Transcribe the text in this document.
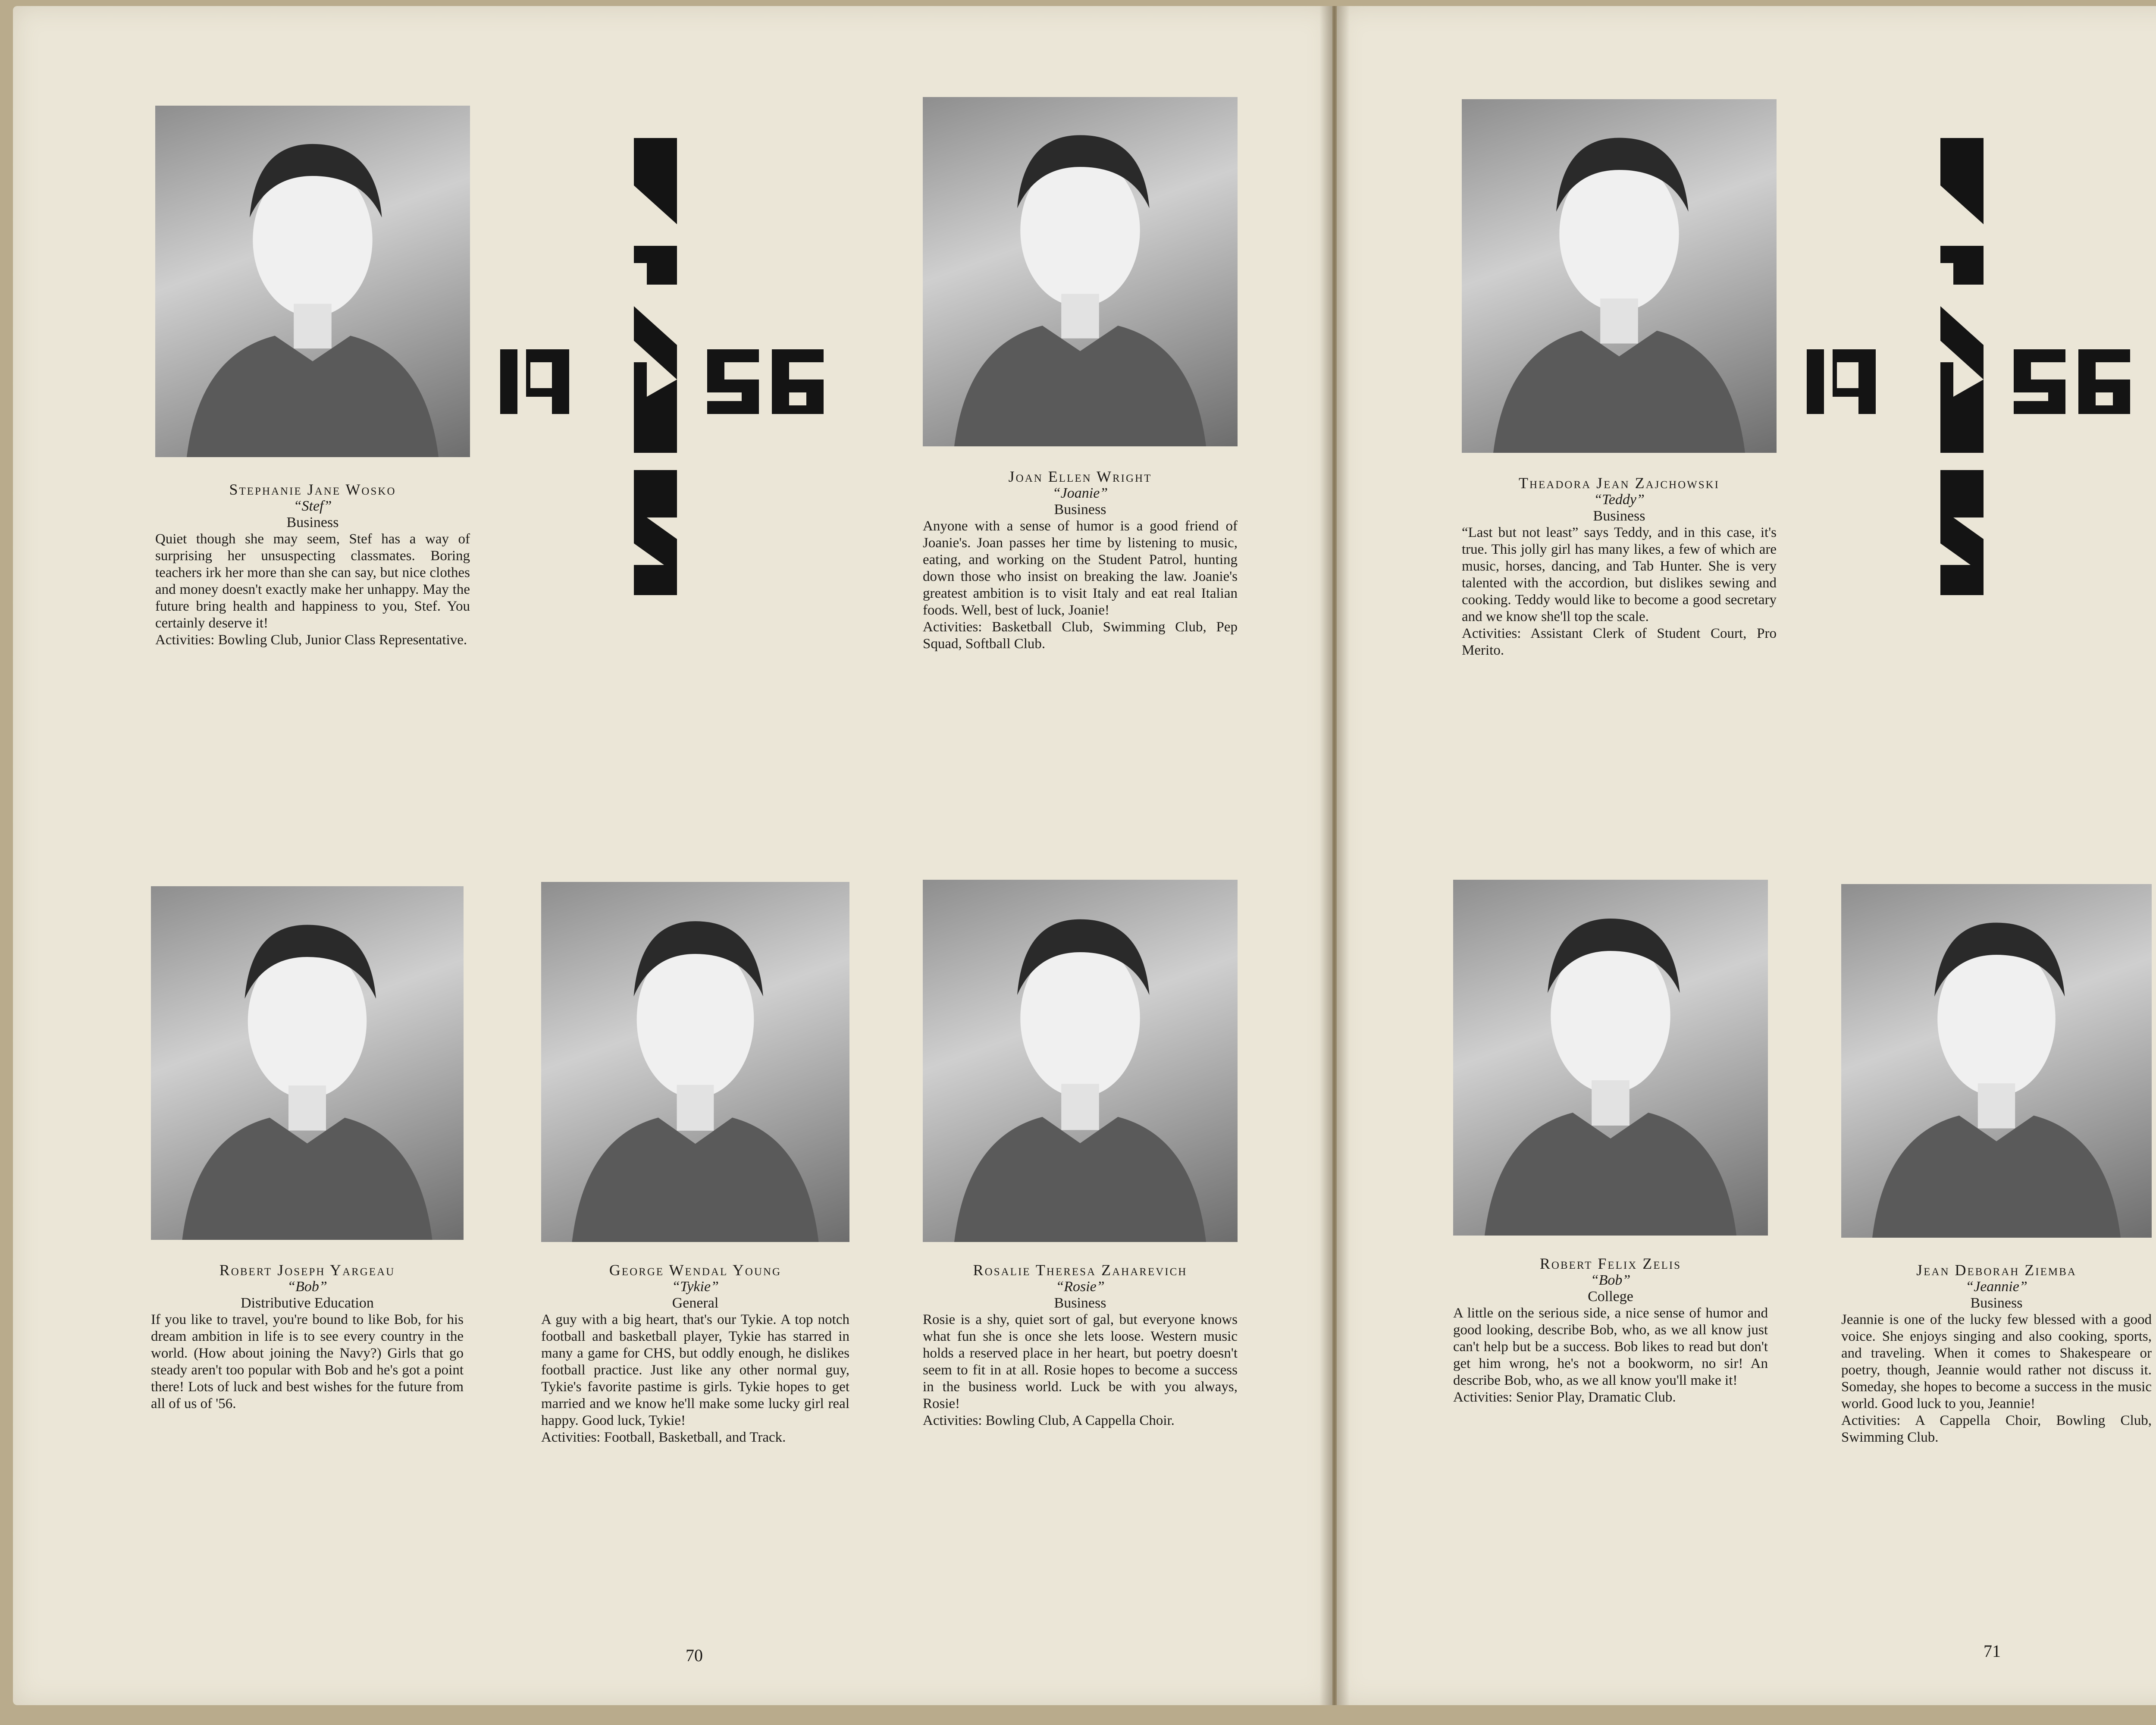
Stephanie Jane Wosko
“Stef”
Business
Quiet though she may seem, Stef has a way of surprising her unsuspecting classmates. Boring teachers irk her more than she can say, but nice clothes and money doesn't exactly make her unhappy. May the future bring health and happiness to you, Stef. You certainly deserve it!
Activities: Bowling Club, Junior Class Representative.
Joan Ellen Wright
“Joanie”
Business
Anyone with a sense of humor is a good friend of Joanie's. Joan passes her time by listening to music, eating, and working on the Student Patrol, hunting down those who insist on breaking the law. Joanie's greatest ambition is to visit Italy and eat real Italian foods. Well, best of luck, Joanie!
Activities: Basketball Club, Swimming Club, Pep Squad, Softball Club.
Theadora Jean Zajchowski
“Teddy”
Business
“Last but not least” says Teddy, and in this case, it's true. This jolly girl has many likes, a few of which are music, horses, dancing, and Tab Hunter. She is very talented with the accordion, but dislikes sewing and cooking. Teddy would like to become a good secretary and we know she'll top the scale.
Activities: Assistant Clerk of Student Court, Pro Merito.
Robert Joseph Yargeau
“Bob”
Distributive Education
If you like to travel, you're bound to like Bob, for his dream ambition in life is to see every country in the world. (How about joining the Navy?) Girls that go steady aren't too popular with Bob and he's got a point there! Lots of luck and best wishes for the future from all of us of '56.
George Wendal Young
“Tykie”
General
A guy with a big heart, that's our Tykie. A top notch football and basketball player, Tykie has starred in many a game for CHS, but oddly enough, he dislikes football practice. Just like any other normal guy, Tykie's favorite pastime is girls. Tykie hopes to get married and we know he'll make some lucky girl real happy. Good luck, Tykie!
Activities: Football, Basketball, and Track.
Rosalie Theresa Zaharevich
“Rosie”
Business
Rosie is a shy, quiet sort of gal, but everyone knows what fun she is once she lets loose. Western music holds a reserved place in her heart, but poetry doesn't seem to fit in at all. Rosie hopes to become a success in the business world. Luck be with you always, Rosie!
Activities: Bowling Club, A Cappella Choir.
Robert Felix Zelis
“Bob”
College
A little on the serious side, a nice sense of humor and good looking, describe Bob, who, as we all know just can't help but be a success. Bob likes to read but don't get him wrong, he's not a bookworm, no sir! An describe Bob, who, as we all know you'll make it!
Activities: Senior Play, Dramatic Club.
Jean Deborah Ziemba
“Jeannie”
Business
Jeannie is one of the lucky few blessed with a good voice. She enjoys singing and also cooking, sports, and traveling. When it comes to Shakespeare or poetry, though, Jeannie would rather not discuss it. Someday, she hopes to become a success in the music world. Good luck to you, Jeannie!
Activities: A Cappella Choir, Bowling Club, Swimming Club.
70	71
